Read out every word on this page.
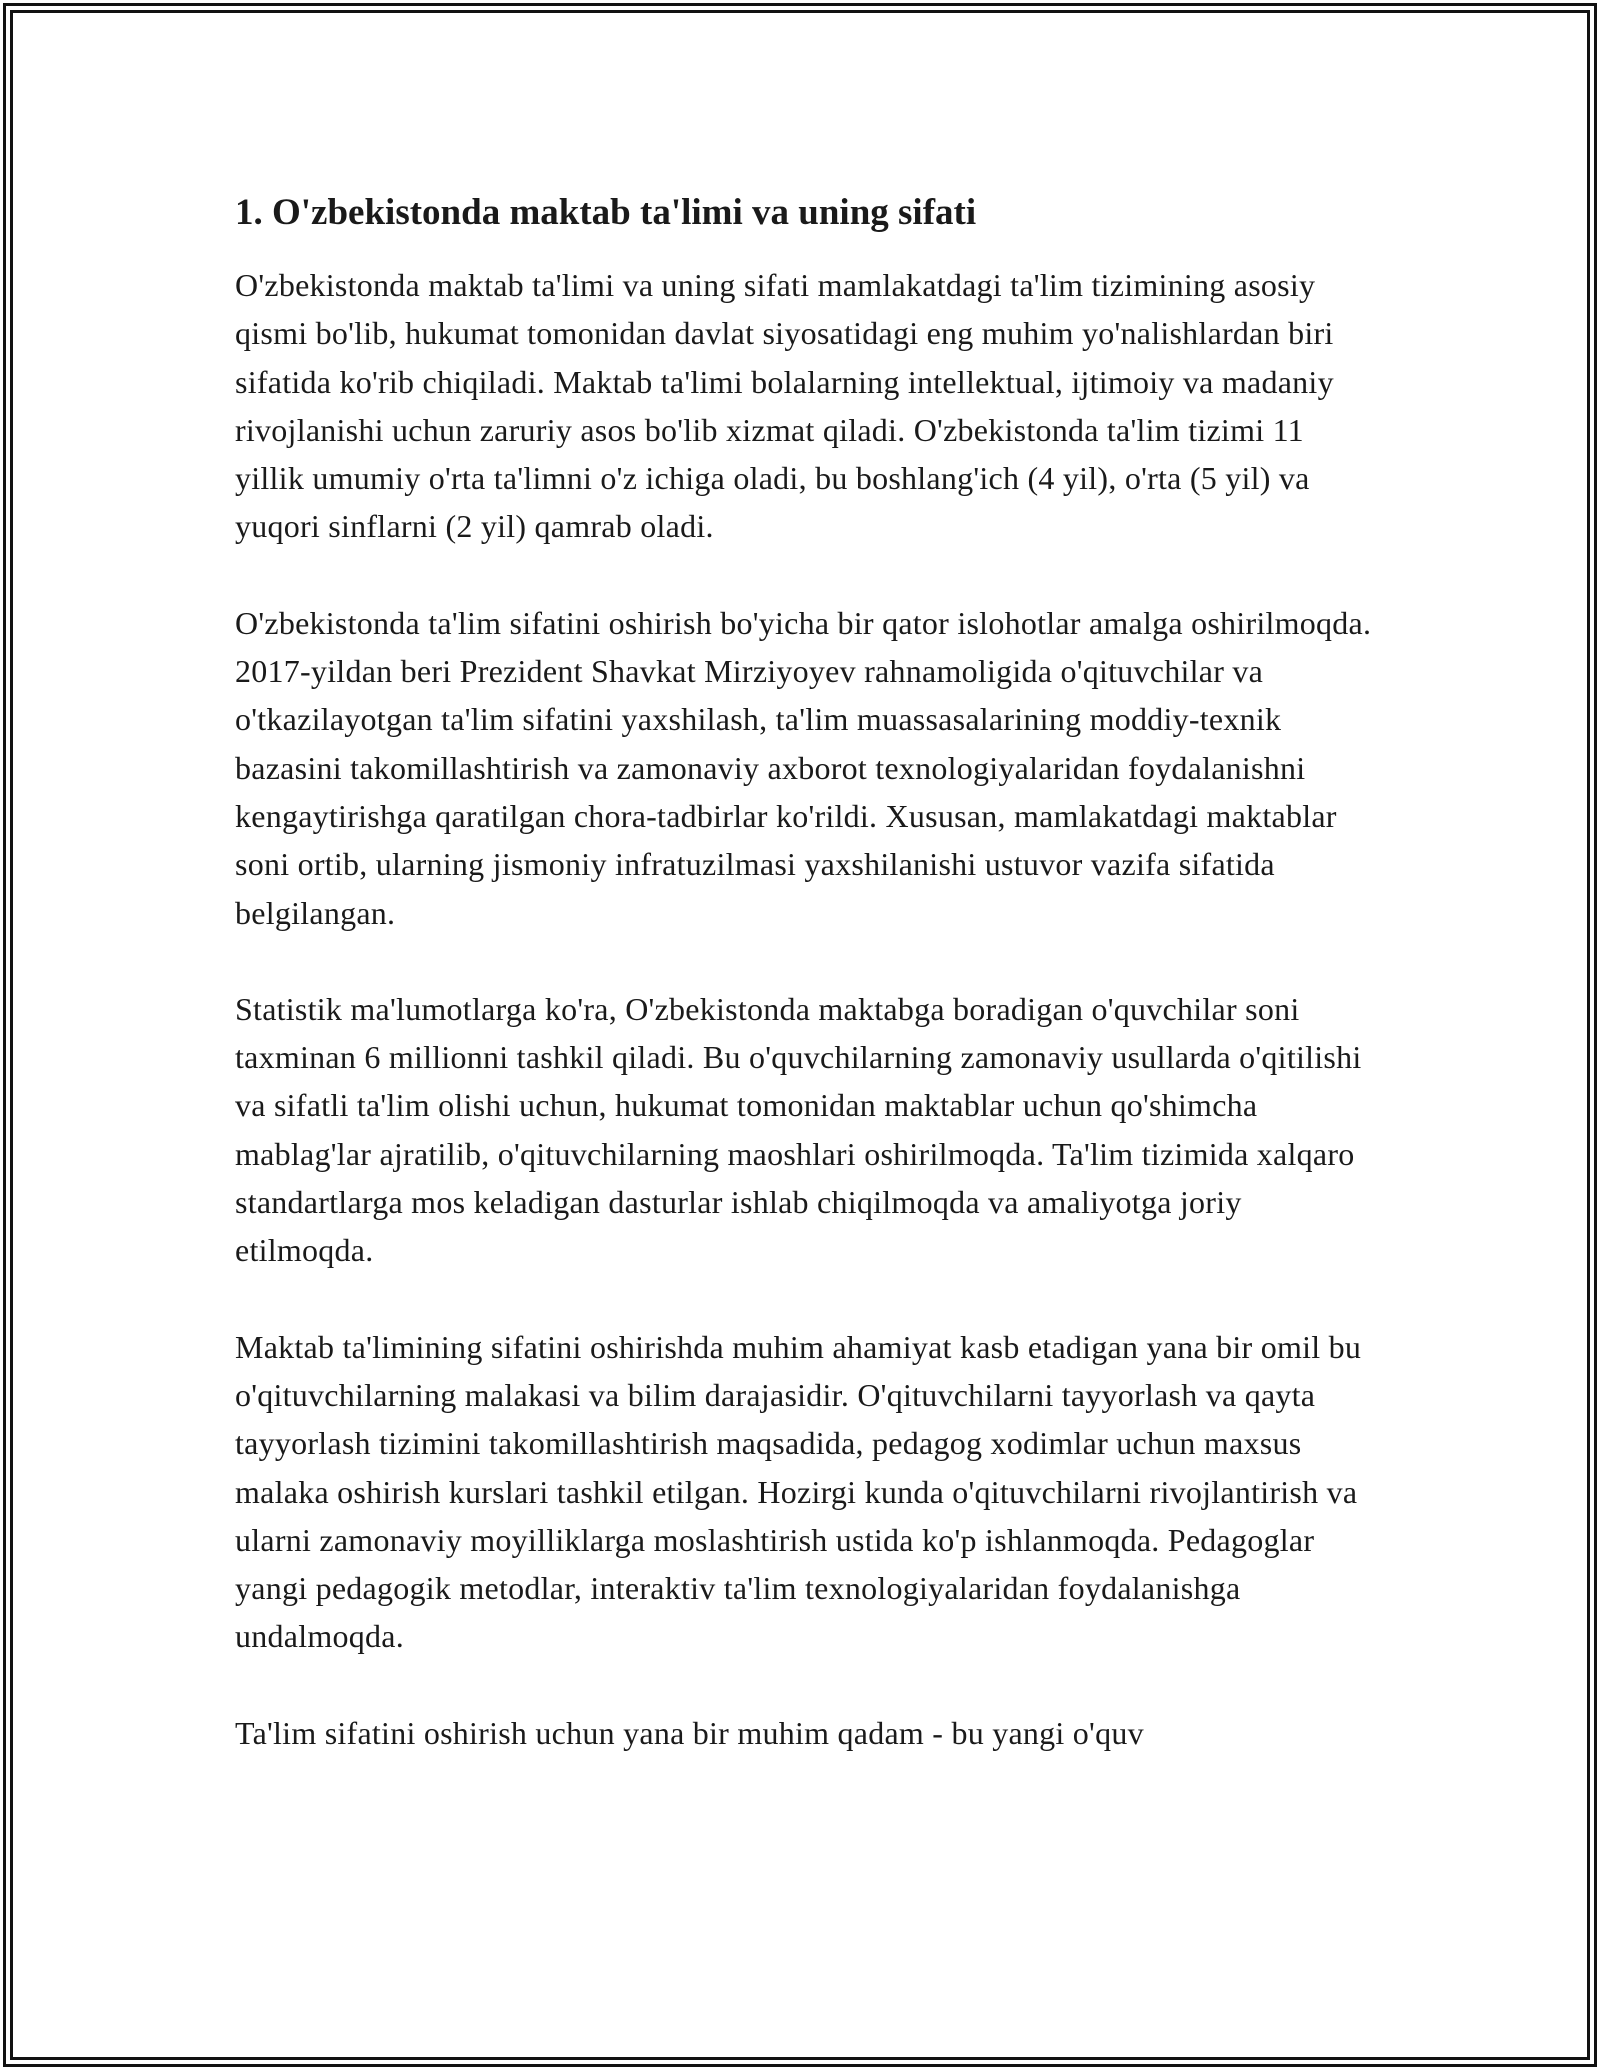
1. O'zbekistonda maktab ta'limi va uning sifati

O'zbekistonda maktab ta'limi va uning sifati mamlakatdagi ta'lim tizimining asosiy qismi bo'lib, hukumat tomonidan davlat siyosatidagi eng muhim yo'nalishlardan biri sifatida ko'rib chiqiladi. Maktab ta'limi bolalarning intellektual, ijtimoiy va madaniy rivojlanishi uchun zaruriy asos bo'lib xizmat qiladi. O'zbekistonda ta'lim tizimi 11 yillik umumiy o'rta ta'limni o'z ichiga oladi, bu boshlang'ich (4 yil), o'rta (5 yil) va yuqori sinflarni (2 yil) qamrab oladi.

O'zbekistonda ta'lim sifatini oshirish bo'yicha bir qator islohotlar amalga oshirilmoqda. 2017-yildan beri Prezident Shavkat Mirziyoyev rahnamoligida o'qituvchilar va o'tkazilayotgan ta'lim sifatini yaxshilash, ta'lim muassasalarining moddiy-texnik bazasini takomillashtirish va zamonaviy axborot texnologiyalaridan foydalanishni kengaytirishga qaratilgan chora-tadbirlar ko'rildi. Xususan, mamlakatdagi maktablar soni ortib, ularning jismoniy infratuzilmasi yaxshilanishi ustuvor vazifa sifatida belgilangan.

Statistik ma'lumotlarga ko'ra, O'zbekistonda maktabga boradigan o'quvchilar soni taxminan 6 millionni tashkil qiladi. Bu o'quvchilarning zamonaviy usullarda o'qitilishi va sifatli ta'lim olishi uchun, hukumat tomonidan maktablar uchun qo'shimcha mablag'lar ajratilib, o'qituvchilarning maoshlari oshirilmoqda. Ta'lim tizimida xalqaro standartlarga mos keladigan dasturlar ishlab chiqilmoqda va amaliyotga joriy etilmoqda.

Maktab ta'limining sifatini oshirishda muhim ahamiyat kasb etadigan yana bir omil bu o'qituvchilarning malakasi va bilim darajasidir. O'qituvchilarni tayyorlash va qayta tayyorlash tizimini takomillashtirish maqsadida, pedagog xodimlar uchun maxsus malaka oshirish kurslari tashkil etilgan. Hozirgi kunda o'qituvchilarni rivojlantirish va ularni zamonaviy moyilliklarga moslashtirish ustida ko'p ishlanmoqda. Pedagoglar yangi pedagogik metodlar, interaktiv ta'lim texnologiyalaridan foydalanishga undalmoqda.

Ta'lim sifatini oshirish uchun yana bir muhim qadam - bu yangi o'quv
